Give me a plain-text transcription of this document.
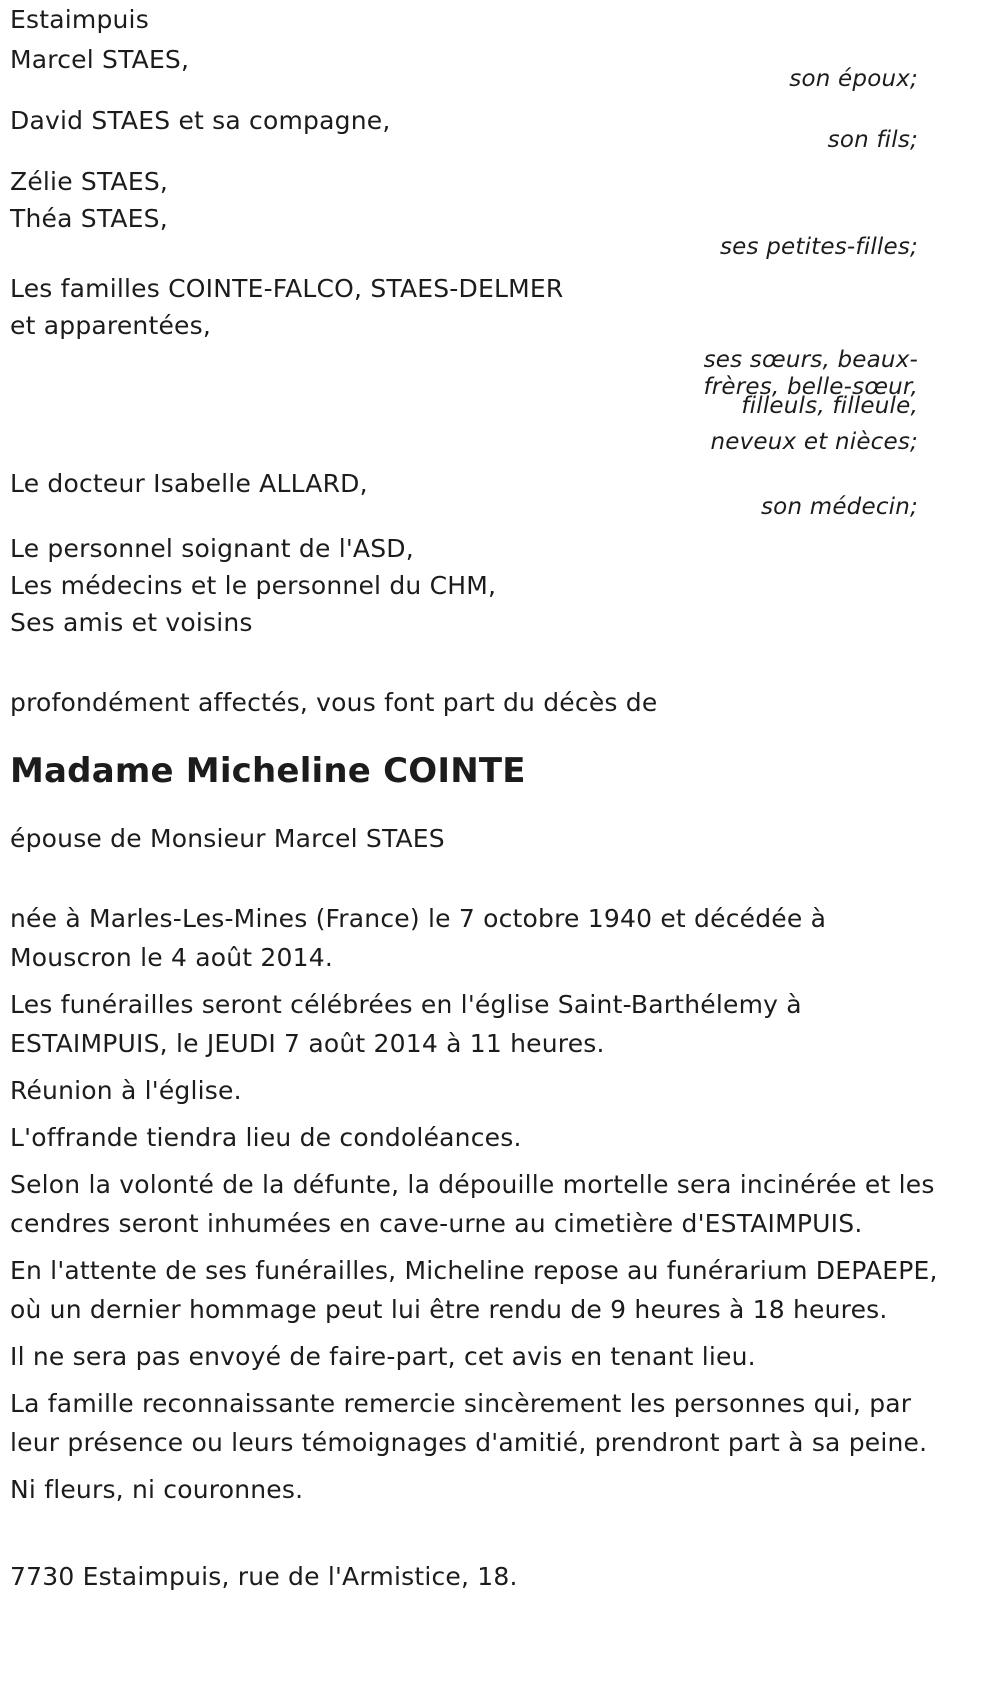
Estaimpuis
Marcel STAES,
son époux;
David STAES et sa compagne,
son fils;
Zélie STAES,
Théa STAES,
ses petites-filles;
Les familles COINTE-FALCO, STAES-DELMER
et apparentées,
ses sœurs, beaux-
frères, belle-sœur,
filleuls, filleule,
neveux et nièces;
Le docteur Isabelle ALLARD,
son médecin;
Le personnel soignant de l'ASD,
Les médecins et le personnel du CHM,
Ses amis et voisins
profondément affectés, vous font part du décès de
Madame Micheline COINTE
épouse de Monsieur Marcel STAES
née à Marles-Les-Mines (France) le 7 octobre 1940 et décédée à
Mouscron le 4 août 2014.
Les funérailles seront célébrées en l'église Saint-Barthélemy à
ESTAIMPUIS, le JEUDI 7 août 2014 à 11 heures.
Réunion à l'église.
L'offrande tiendra lieu de condoléances.
Selon la volonté de la défunte, la dépouille mortelle sera incinérée et les
cendres seront inhumées en cave-urne au cimetière d'ESTAIMPUIS.
En l'attente de ses funérailles, Micheline repose au funérarium DEPAEPE,
où un dernier hommage peut lui être rendu de 9 heures à 18 heures.
Il ne sera pas envoyé de faire-part, cet avis en tenant lieu.
La famille reconnaissante remercie sincèrement les personnes qui, par
leur présence ou leurs témoignages d'amitié, prendront part à sa peine.
Ni fleurs, ni couronnes.
7730 Estaimpuis, rue de l'Armistice, 18.
